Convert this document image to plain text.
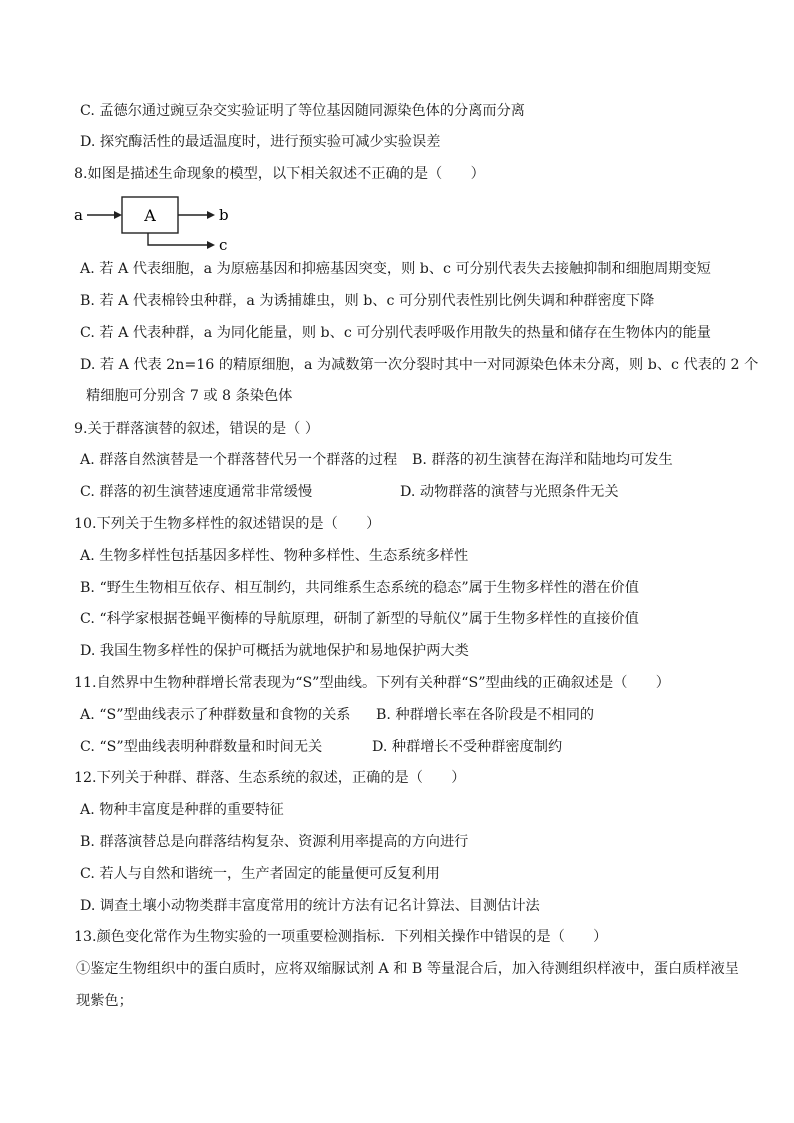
C. 孟德尔通过豌豆杂交实验证明了等位基因随同源染色体的分离而分离
D. 探究酶活性的最适温度时，进行预实验可减少实验误差
8.如图是描述生命现象的模型，以下相关叙述不正确的是（　　）
a	A	b
c
A. 若 A 代表细胞，a 为原癌基因和抑癌基因突变，则 b、c 可分别代表失去接触抑制和细胞周期变短
B. 若 A 代表棉铃虫种群，a 为诱捕雄虫，则 b、c 可分别代表性别比例失调和种群密度下降
C. 若 A 代表种群，a 为同化能量，则 b、c 可分别代表呼吸作用散失的热量和储存在生物体内的能量
D. 若 A 代表 2n=16 的精原细胞，a 为减数第一次分裂时其中一对同源染色体未分离，则 b、c 代表的 2 个
精细胞可分别含 7 或 8 条染色体
9.关于群落演替的叙述，错误的是（ ）
A. 群落自然演替是一个群落替代另一个群落的过程 B. 群落的初生演替在海洋和陆地均可发生
C. 群落的初生演替速度通常非常缓慢	D. 动物群落的演替与光照条件无关
10.下列关于生物多样性的叙述错误的是（　　）
A. 生物多样性包括基因多样性、物种多样性、生态系统多样性
B. “野生生物相互依存、相互制约，共同维系生态系统的稳态”属于生物多样性的潜在价值
C. “科学家根据苍蝇平衡棒的导航原理，研制了新型的导航仪”属于生物多样性的直接价值
D. 我国生物多样性的保护可概括为就地保护和易地保护两大类
11.自然界中生物种群增长常表现为“S”型曲线。下列有关种群“S”型曲线的正确叙述是（　　）
A. “S”型曲线表示了种群数量和食物的关系 B. 种群增长率在各阶段是不相同的
C. “S”型曲线表明种群数量和时间无关	D. 种群增长不受种群密度制约
12.下列关于种群、群落、生态系统的叙述，正确的是（　　）
A. 物种丰富度是种群的重要特征
B. 群落演替总是向群落结构复杂、资源利用率提高的方向进行
C. 若人与自然和谐统一，生产者固定的能量便可反复利用
D. 调查土壤小动物类群丰富度常用的统计方法有记名计算法、目测估计法
13.颜色变化常作为生物实验的一项重要检测指标．下列相关操作中错误的是（　　）
①鉴定生物组织中的蛋白质时，应将双缩脲试剂 A 和 B 等量混合后，加入待测组织样液中，蛋白质样液呈
现紫色；
